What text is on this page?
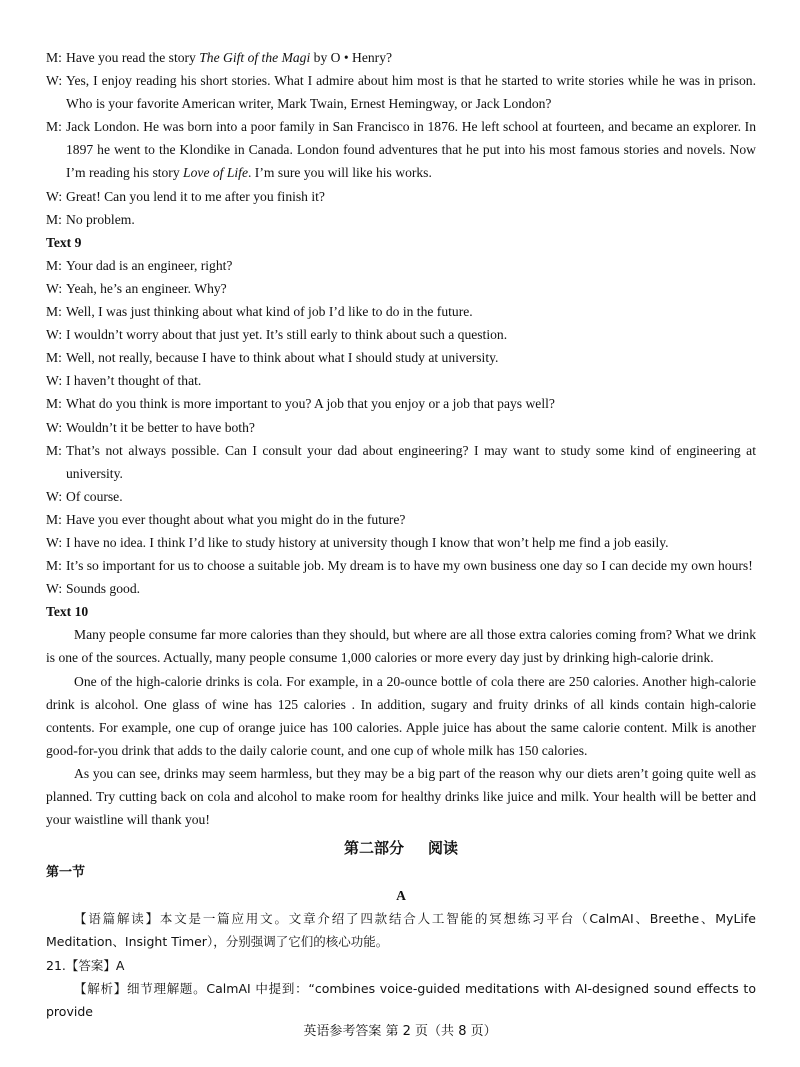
M: Have you read the story The Gift of the Magi by O • Henry?
W: Yes, I enjoy reading his short stories. What I admire about him most is that he started to write stories while he was in prison. Who is your favorite American writer, Mark Twain, Ernest Hemingway, or Jack London?
M: Jack London. He was born into a poor family in San Francisco in 1876. He left school at fourteen, and became an explorer. In 1897 he went to the Klondike in Canada. London found adventures that he put into his most famous stories and novels. Now I’m reading his story Love of Life. I’m sure you will like his works.
W: Great! Can you lend it to me after you finish it?
M: No problem.
Text 9
M: Your dad is an engineer, right?
W: Yeah, he’s an engineer. Why?
M: Well, I was just thinking about what kind of job I’d like to do in the future.
W: I wouldn’t worry about that just yet. It’s still early to think about such a question.
M: Well, not really, because I have to think about what I should study at university.
W: I haven’t thought of that.
M: What do you think is more important to you? A job that you enjoy or a job that pays well?
W: Wouldn’t it be better to have both?
M: That’s not always possible. Can I consult your dad about engineering? I may want to study some kind of engineering at university.
W: Of course.
M: Have you ever thought about what you might do in the future?
W: I have no idea. I think I’d like to study history at university though I know that won’t help me find a job easily.
M: It’s so important for us to choose a suitable job. My dream is to have my own business one day so I can decide my own hours!
W: Sounds good.
Text 10
Many people consume far more calories than they should, but where are all those extra calories coming from? What we drink is one of the sources. Actually, many people consume 1,000 calories or more every day just by drinking high-calorie drink.
One of the high-calorie drinks is cola. For example, in a 20-ounce bottle of cola there are 250 calories. Another high-calorie drink is alcohol. One glass of wine has 125 calories . In addition, sugary and fruity drinks of all kinds contain high-calorie contents. For example, one cup of orange juice has 100 calories. Apple juice has about the same calorie content. Milk is another good-for-you drink that adds to the daily calorie count, and one cup of whole milk has 150 calories.
As you can see, drinks may seem harmless, but they may be a big part of the reason why our diets aren’t going quite well as planned. Try cutting back on cola and alcohol to make room for healthy drinks like juice and milk. Your health will be better and your waistline will thank you!
第二部分 阅读
第一节
A
【语篇解读】本文是一篇应用文。文章介绍了四款结合人工智能的冥想练习平台（CalmAI、Breethe、MyLife Meditation、Insight Timer），分别强调了它们的核心功能。
21.【答案】A
【解析】细节理解题。CalmAI 中提到：“combines voice-guided meditations with AI-designed sound effects to provide
英语参考答案 第 2 页（共 8 页）
